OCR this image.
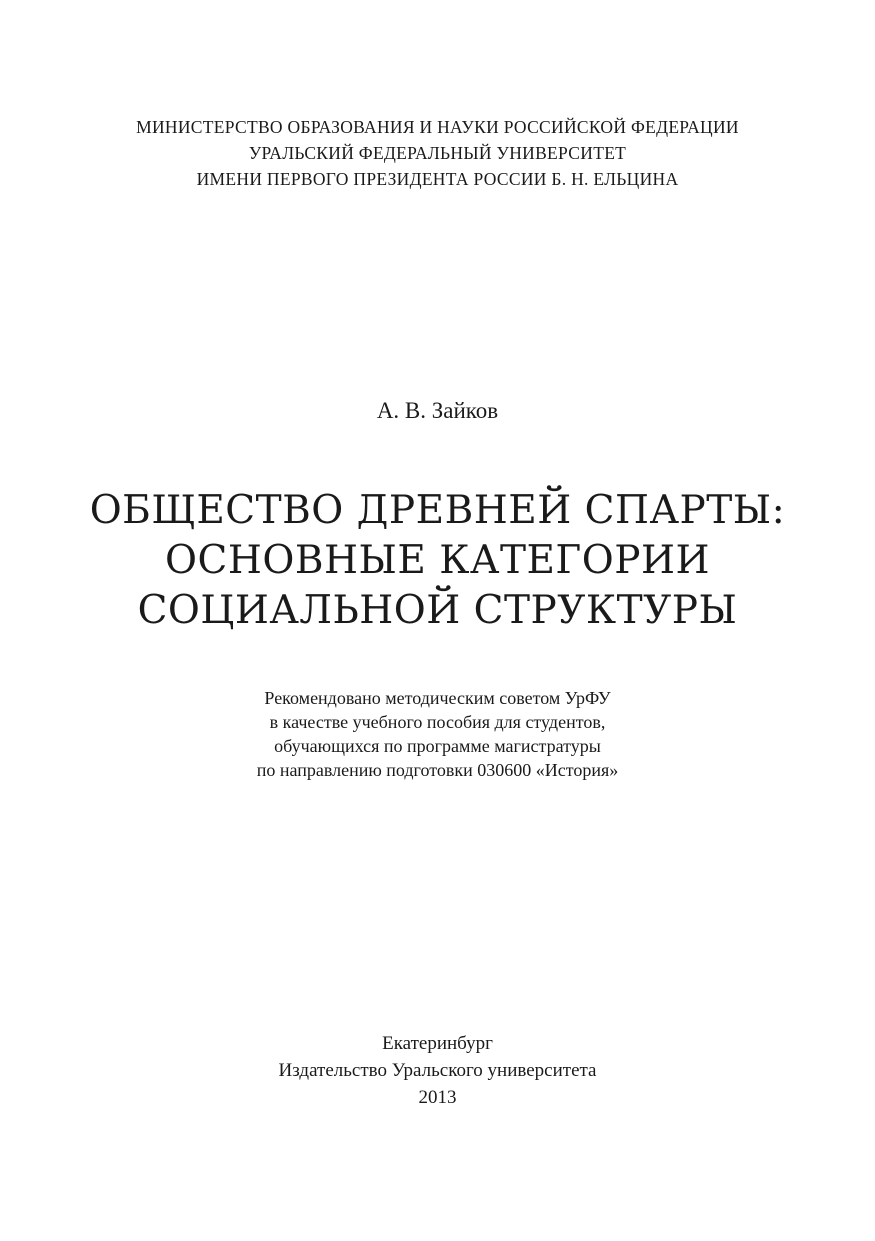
МИНИСТЕРСТВО ОБРАЗОВАНИЯ И НАУКИ РОССИЙСКОЙ ФЕДЕРАЦИИ
УРАЛЬСКИЙ ФЕДЕРАЛЬНЫЙ УНИВЕРСИТЕТ
ИМЕНИ ПЕРВОГО ПРЕЗИДЕНТА РОССИИ Б. Н. ЕЛЬЦИНА
А. В. Зайков
ОБЩЕСТВО ДРЕВНЕЙ СПАРТЫ:
ОСНОВНЫЕ КАТЕГОРИИ
СОЦИАЛЬНОЙ СТРУКТУРЫ
Рекомендовано методическим советом УрФУ
в качестве учебного пособия для студентов,
обучающихся по программе магистратуры
по направлению подготовки 030600 «История»
Екатеринбург
Издательство Уральского университета
2013
